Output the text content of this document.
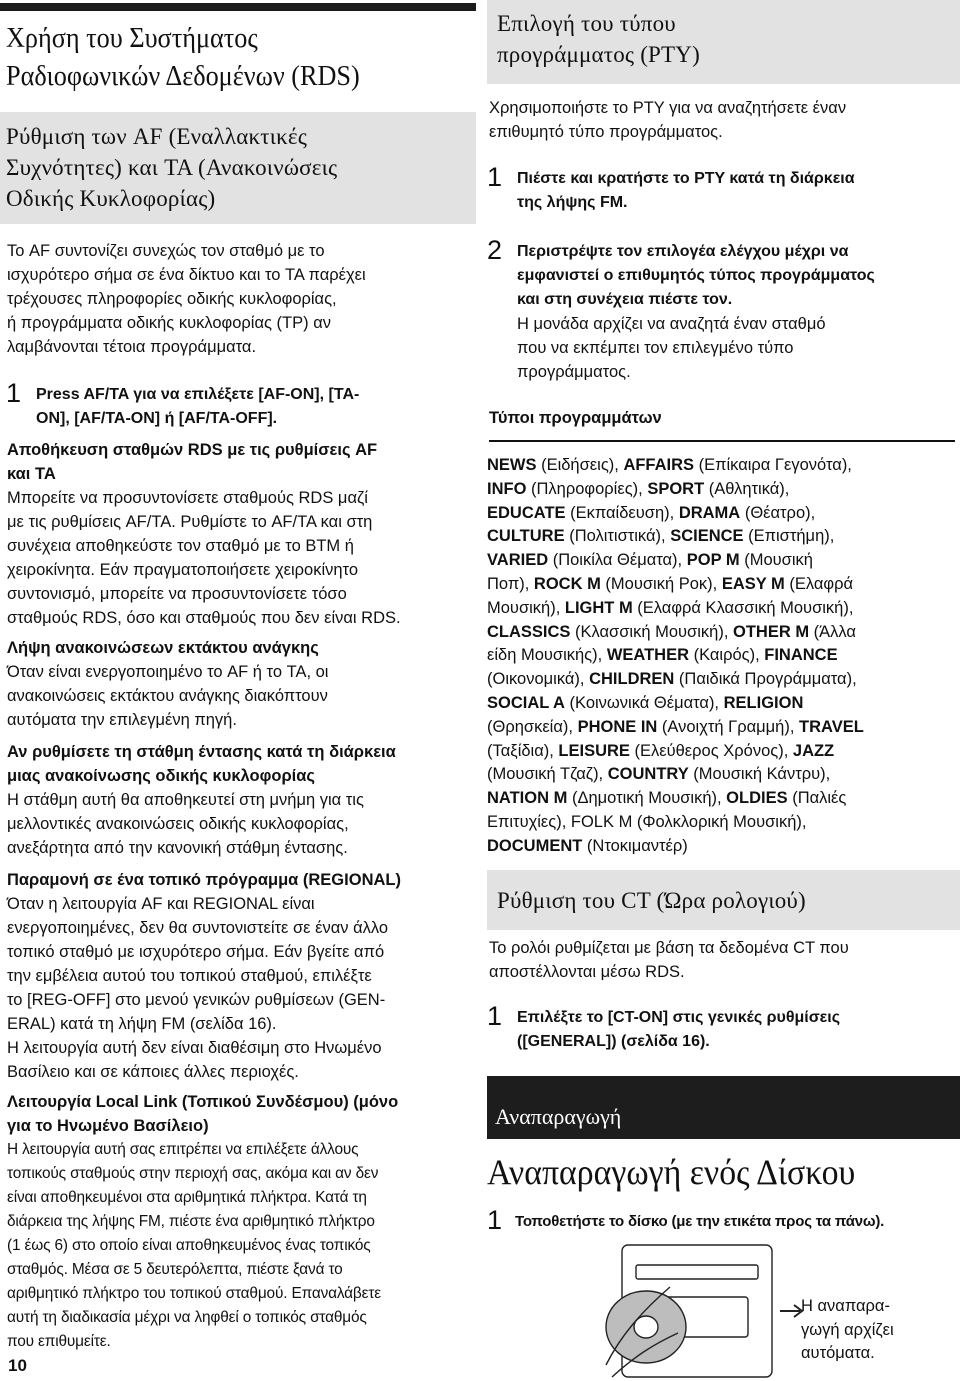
Χρήση του Συστήματος
Ραδιοφωνικών Δεδομένων (RDS)
Ρύθμιση των AF (Εναλλακτικές
Συχνότητες) και TA (Ανακοινώσεις
Οδικής Κυκλοφορίας)
Το AF συντονίζει συνεχώς τον σταθμό με το
ισχυρότερο σήμα σε ένα δίκτυο και το TA παρέχει
τρέχουσες πληροφορίες οδικής κυκλοφορίας,
ή προγράμματα οδικής κυκλοφορίας (TP) αν
λαμβάνονται τέτοια προγράμματα.
1 Press AF/TA για να επιλέξετε [AF-ON], [TA-
ON], [AF/TA-ON] ή [AF/TA-OFF].
Αποθήκευση σταθμών RDS με τις ρυθμίσεις AF
και TA
Μπορείτε να προσυντονίσετε σταθμούς RDS μαζί
με τις ρυθμίσεις AF/TA. Ρυθμίστε το AF/TA και στη
συνέχεια αποθηκεύστε τον σταθμό με το BTM ή
χειροκίνητα. Εάν πραγματοποιήσετε χειροκίνητο
συντονισμό, μπορείτε να προσυντονίσετε τόσο
σταθμούς RDS, όσο και σταθμούς που δεν είναι RDS.
Λήψη ανακοινώσεων εκτάκτου ανάγκης
Όταν είναι ενεργοποιημένο το AF ή το TA, οι
ανακοινώσεις εκτάκτου ανάγκης διακόπτουν
αυτόματα την επιλεγμένη πηγή.
Αν ρυθμίσετε τη στάθμη έντασης κατά τη διάρκεια
μιας ανακοίνωσης οδικής κυκλοφορίας
Η στάθμη αυτή θα αποθηκευτεί στη μνήμη για τις
μελλοντικές ανακοινώσεις οδικής κυκλοφορίας,
ανεξάρτητα από την κανονική στάθμη έντασης.
Παραμονή σε ένα τοπικό πρόγραμμα (REGIONAL)
Όταν η λειτουργία AF και REGIONAL είναι
ενεργοποιημένες, δεν θα συντονιστείτε σε έναν άλλο
τοπικό σταθμό με ισχυρότερο σήμα. Εάν βγείτε από
την εμβέλεια αυτού του τοπικού σταθμού, επιλέξτε
το [REG-OFF] στο μενού γενικών ρυθμίσεων (GEN-
ERAL) κατά τη λήψη FM (σελίδα 16).
Η λειτουργία αυτή δεν είναι διαθέσιμη στο Ηνωμένο
Βασίλειο και σε κάποιες άλλες περιοχές.
Λειτουργία Local Link (Τοπικού Συνδέσμου) (μόνο
για το Ηνωμένο Βασίλειο)
Η λειτουργία αυτή σας επιτρέπει να επιλέξετε άλλους
τοπικούς σταθμούς στην περιοχή σας, ακόμα και αν δεν
είναι αποθηκευμένοι στα αριθμητικά πλήκτρα. Κατά τη
διάρκεια της λήψης FM, πιέστε ένα αριθμητικό πλήκτρο
(1 έως 6) στο οποίο είναι αποθηκευμένος ένας τοπικός
σταθμός. Μέσα σε 5 δευτερόλεπτα, πιέστε ξανά το
αριθμητικό πλήκτρο του τοπικού σταθμού. Επαναλάβετε
αυτή τη διαδικασία μέχρι να ληφθεί ο τοπικός σταθμός
που επιθυμείτε.
10
Επιλογή του τύπου
προγράμματος (PTY)
Χρησιμοποιήστε το PTY για να αναζητήσετε έναν
επιθυμητό τύπο προγράμματος.
1 Πιέστε και κρατήστε το PTY κατά τη διάρκεια
της λήψης FM.
2 Περιστρέψτε τον επιλογέα ελέγχου μέχρι να
εμφανιστεί ο επιθυμητός τύπος προγράμματος
και στη συνέχεια πιέστε τον.
Η μονάδα αρχίζει να αναζητά έναν σταθμό
που να εκπέμπει τον επιλεγμένο τύπο
προγράμματος.
Τύποι προγραμμάτων
NEWS (Ειδήσεις), AFFAIRS (Επίκαιρα Γεγονότα),
INFO (Πληροφορίες), SPORT (Αθλητικά),
EDUCATE (Εκπαίδευση), DRAMA (Θέατρο),
CULTURE (Πολιτιστικά), SCIENCE (Επιστήμη),
VARIED (Ποικίλα Θέματα), POP M (Μουσική
Ποπ), ROCK M (Μουσική Ροκ), EASY M (Ελαφρά
Μουσική), LIGHT M (Ελαφρά Κλασσική Μουσική),
CLASSICS (Κλασσική Μουσική), OTHER M (Άλλα
είδη Μουσικής), WEATHER (Καιρός), FINANCE
(Οικονομικά), CHILDREN (Παιδικά Προγράμματα),
SOCIAL A (Κοινωνικά Θέματα), RELIGION
(Θρησκεία), PHONE IN (Ανοιχτή Γραμμή), TRAVEL
(Ταξίδια), LEISURE (Ελεύθερος Χρόνος), JAZZ
(Μουσική Τζαζ), COUNTRY (Μουσική Κάντρυ),
NATION M (Δημοτική Μουσική), OLDIES (Παλιές
Επιτυχίες), FOLK M (Φολκλορική Μουσική),
DOCUMENT (Ντοκιμαντέρ)
Ρύθμιση του CT (Ώρα ρολογιού)
Το ρολόι ρυθμίζεται με βάση τα δεδομένα CT που
αποστέλλονται μέσω RDS.
1 Επιλέξτε το [CT-ON] στις γενικές ρυθμίσεις
([GENERAL]) (σελίδα 16).
Αναπαραγωγή
Αναπαραγωγή ενός Δίσκου
1 Τοποθετήστε το δίσκο (με την ετικέτα προς τα πάνω).
Η αναπαρα-
γωγή αρχίζει
αυτόματα.
